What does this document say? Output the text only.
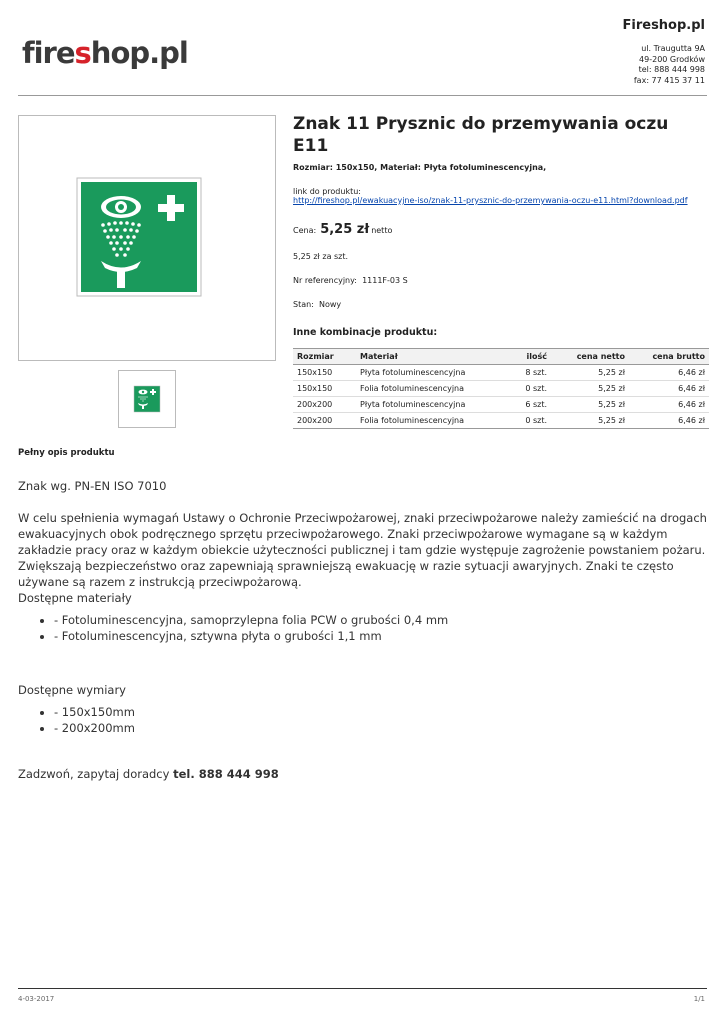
fireshop.pl
Fireshop.pl
ul. Traugutta 9A
49-200 Grodków
tel: 888 444 998
fax: 77 415 37 11
Znak 11 Prysznic do przemywania oczu E11
Rozmiar: 150x150, Materiał: Płyta fotoluminescencyjna,
link do produktu:
http://fireshop.pl/ewakuacyjne-iso/znak-11-prysznic-do-przemywania-oczu-e11.html?download.pdf
Cena: 5,25 zł netto
5,25 zł za szt.
Nr referencyjny: 1111F-03 S
Stan: Nowy
Inne kombinacje produktu:
Rozmiar	Materiał	ilość	cena netto	cena brutto
150x150	Płyta fotoluminescencyjna	8 szt.	5,25 zł	6,46 zł
150x150	Folia fotoluminescencyjna	0 szt.	5,25 zł	6,46 zł
200x200	Płyta fotoluminescencyjna	6 szt.	5,25 zł	6,46 zł
200x200	Folia fotoluminescencyjna	0 szt.	5,25 zł	6,46 zł
Pełny opis produktu

Znak wg. PN-EN ISO 7010

W celu spełnienia wymagań Ustawy o Ochronie Przeciwpożarowej, znaki przeciwpożarowe należy zamieścić na drogach ewakuacyjnych obok podręcznego sprzętu przeciwpożarowego. Znaki przeciwpożarowe wymagane są w każdym zakładzie pracy oraz w każdym obiekcie użyteczności publicznej i tam gdzie występuje zagrożenie powstaniem pożaru. Zwiększają bezpieczeństwo oraz zapewniają sprawniejszą ewakuację w razie sytuacji awaryjnych. Znaki te często używane są razem z instrukcją przeciwpożarową.

Dostępne materiały

• - Fotoluminescencyjna, samoprzylepna folia PCW o grubości 0,4 mm
• - Fotoluminescencyjna, sztywna płyta o grubości 1,1 mm

Dostępne wymiary

• - 150x150mm
• - 200x200mm

Zadzwoń, zapytaj doradcy tel. 888 444 998

4-03-2017	1/1
